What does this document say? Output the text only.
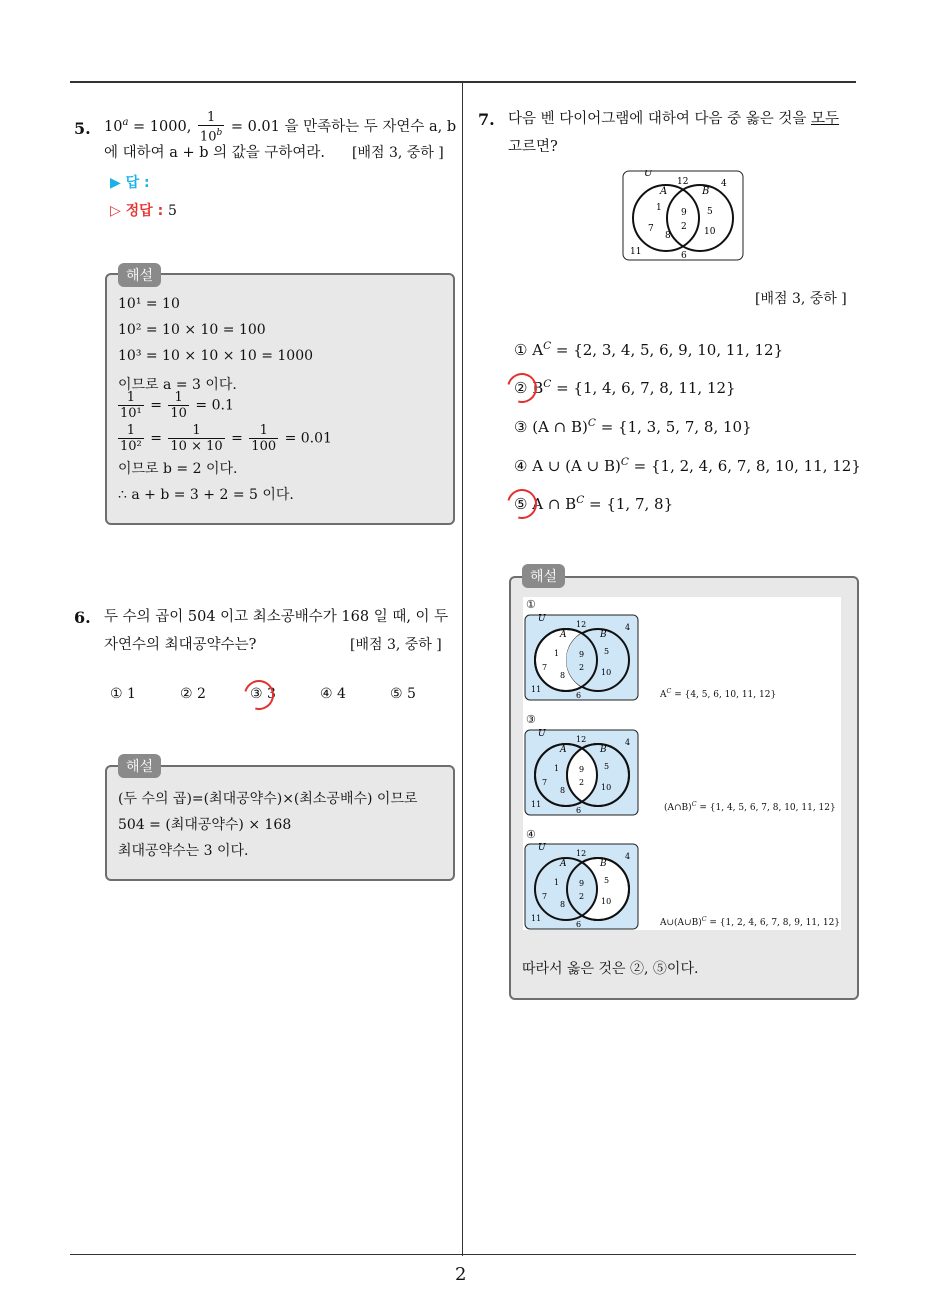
2
5. $10^a = 1000$, $\frac{1}{10^b} = 0.01$ 을 만족하는 두 자연수 a, b
에 대하여 a + b 의 값을 구하여라. [배점 3, 중하 ]
▶ 답 :
▷ 정답 : 5
해설
10¹ = 10
10² = 10 × 10 = 100
10³ = 10 × 10 × 10 = 1000
이므로 a = 3 이다.
$\frac{1}{\text{10¹}} = \frac{1}{10} = 0.1$
$\frac{1}{\text{10²}} = \frac{1}{10 \times 10} = \frac{1}{100} = 0.01$
이므로 b = 2 이다.
∴ a + b = 3 + 2 = 5 이다.
6. 두 수의 곱이 504 이고 최소공배수가 168 일 때, 이 두
자연수의 최대공약수는?	[배점 3, 중하 ]
① 1	② 2	③ 3	④ 4	⑤ 5
해설
(두 수의 곱)=(최대공약수)×(최소공배수) 이므로
504 = (최대공약수) × 168
최대공약수는 3 이다.
7. 다음 벤 다이어그램에 대하여 다음 중 옳은 것을 모두
고르면?
U
A	B
12	4
1 9 5
7	2
8	10
11	6
[배점 3, 중하 ]
① $A^C = \{2$, 3, 4, 5, 6, 9, 10, 11, 12}
② $B^C = \{1$, 4, 6, 7, 8, 11, 12}
③ (A ∩ B)$^C$ = {1, 3, 5, 7, 8, 10}
④ A ∪ (A ∪ B)$^C$ = {1, 2, 4, 6, 7, 8, 10, 11, 12}
⑤ A ∩ $B^C = \{1$, 7, 8}
해설
①
U
A	B
12	4
1 9 5
7	2
8	10
11
6	$A^C = \{4$, 5, 6, 10, 11, 12}
③
U
A	B
12	4
1 9 5
7	2
8	10
11
6	(A∩B)$^C$ = {1, 4, 5, 6, 7, 8, 10, 11, 12}
④
U
A	B
12	4
1 9 5
7	2
8	10
11
6	A∪(A∪B)$^C$ = {1, 2, 4, 6, 7, 8, 9, 11, 12}
따라서 옳은 것은 ②, ⑤이다.
